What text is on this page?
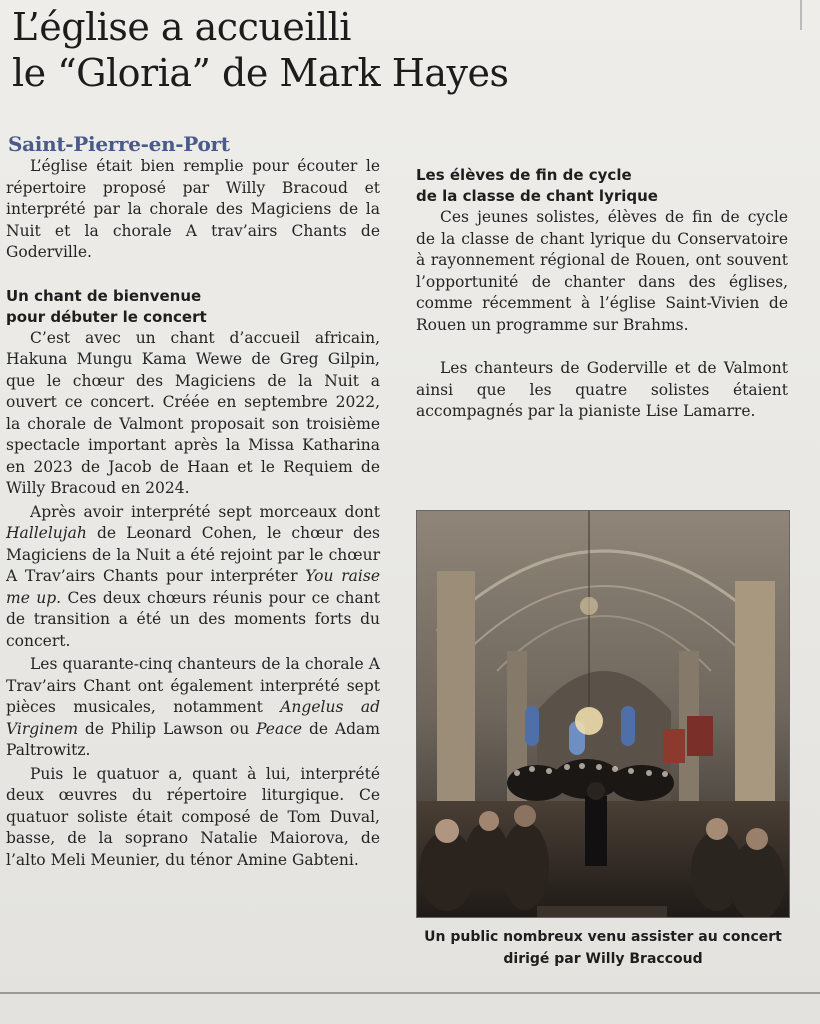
L’église a accueilli
le “Gloria” de Mark Hayes
Saint-Pierre-en-Port

L’église était bien remplie pour écouter le répertoire proposé par Willy Bracoud et interprété par la chorale des Magiciens de la Nuit et la chorale A trav’airs Chants de Goderville.

Un chant de bienvenue
pour débuter le concert

C’est avec un chant d’accueil africain, Hakuna Mungu Kama Wewe de Greg Gilpin, que le chœur des Magiciens de la Nuit a ouvert ce concert. Créée en septembre 2022, la chorale de Valmont proposait son troisième spectacle important après la Missa Katharina en 2023 de Jacob de Haan et le Requiem de Willy Bracoud en 2024.

Après avoir interprété sept morceaux dont Hallelujah de Leonard Cohen, le chœur des Magiciens de la Nuit a été rejoint par le chœur A Trav’airs Chants pour interpréter You raise me up. Ces deux chœurs réunis pour ce chant de transition a été un des moments forts du concert.

Les quarante-cinq chanteurs de la chorale A Trav’airs Chant ont également interprété sept pièces musicales, notamment Angelus ad Virginem de Philip Lawson ou Peace de Adam Paltrowitz.

Puis le quatuor a, quant à lui, interprété deux œuvres du répertoire liturgique. Ce quatuor soliste était composé de Tom Duval, basse, de la soprano Natalie Maiorova, de l’alto Meli Meunier, du ténor Amine Gabteni.

Les élèves de fin de cycle
de la classe de chant lyrique

Ces jeunes solistes, élèves de fin de cycle de la classe de chant lyrique du Conservatoire à rayonnement régional de Rouen, ont souvent l’opportunité de chanter dans des églises, comme récemment à l’église Saint-Vivien de Rouen un programme sur Brahms.

Les chanteurs de Goderville et de Valmont ainsi que les quatre solistes étaient accompagnés par la pianiste Lise Lamarre.

Un public nombreux venu assister au concert
dirigé par Willy Braccoud
